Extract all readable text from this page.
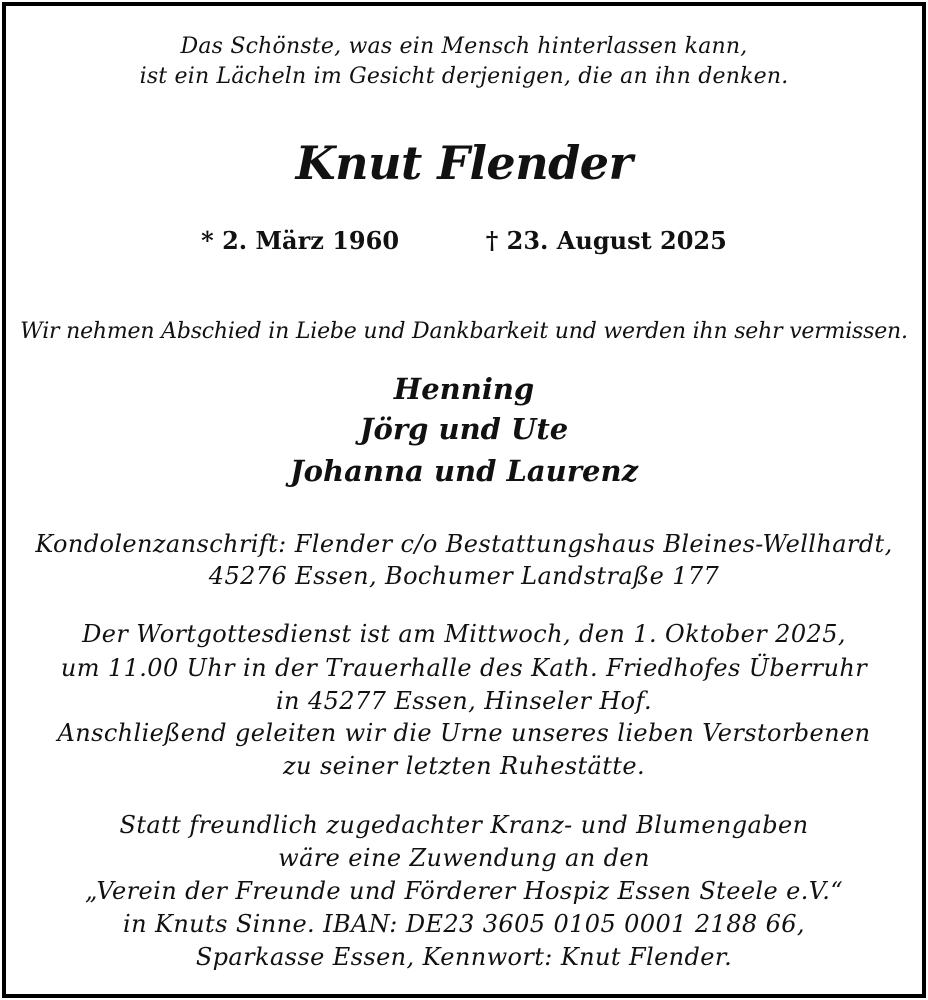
Das Schönste, was ein Mensch hinterlassen kann,
ist ein Lächeln im Gesicht derjenigen, die an ihn denken.
Knut Flender
* 2. März 1960	† 23. August 2025
Wir nehmen Abschied in Liebe und Dankbarkeit und werden ihn sehr vermissen.
Henning
Jörg und Ute
Johanna und Laurenz
Kondolenzanschrift: Flender c/o Bestattungshaus Bleines-Wellhardt,
45276 Essen, Bochumer Landstraße 177
Der Wortgottesdienst ist am Mittwoch, den 1. Oktober 2025,
um 11.00 Uhr in der Trauerhalle des Kath. Friedhofes Überruhr
in 45277 Essen, Hinseler Hof.
Anschließend geleiten wir die Urne unseres lieben Verstorbenen
zu seiner letzten Ruhestätte.
Statt freundlich zugedachter Kranz- und Blumengaben
wäre eine Zuwendung an den
„Verein der Freunde und Förderer Hospiz Essen Steele e.V.“
in Knuts Sinne. IBAN: DE23 3605 0105 0001 2188 66,
Sparkasse Essen, Kennwort: Knut Flender.
